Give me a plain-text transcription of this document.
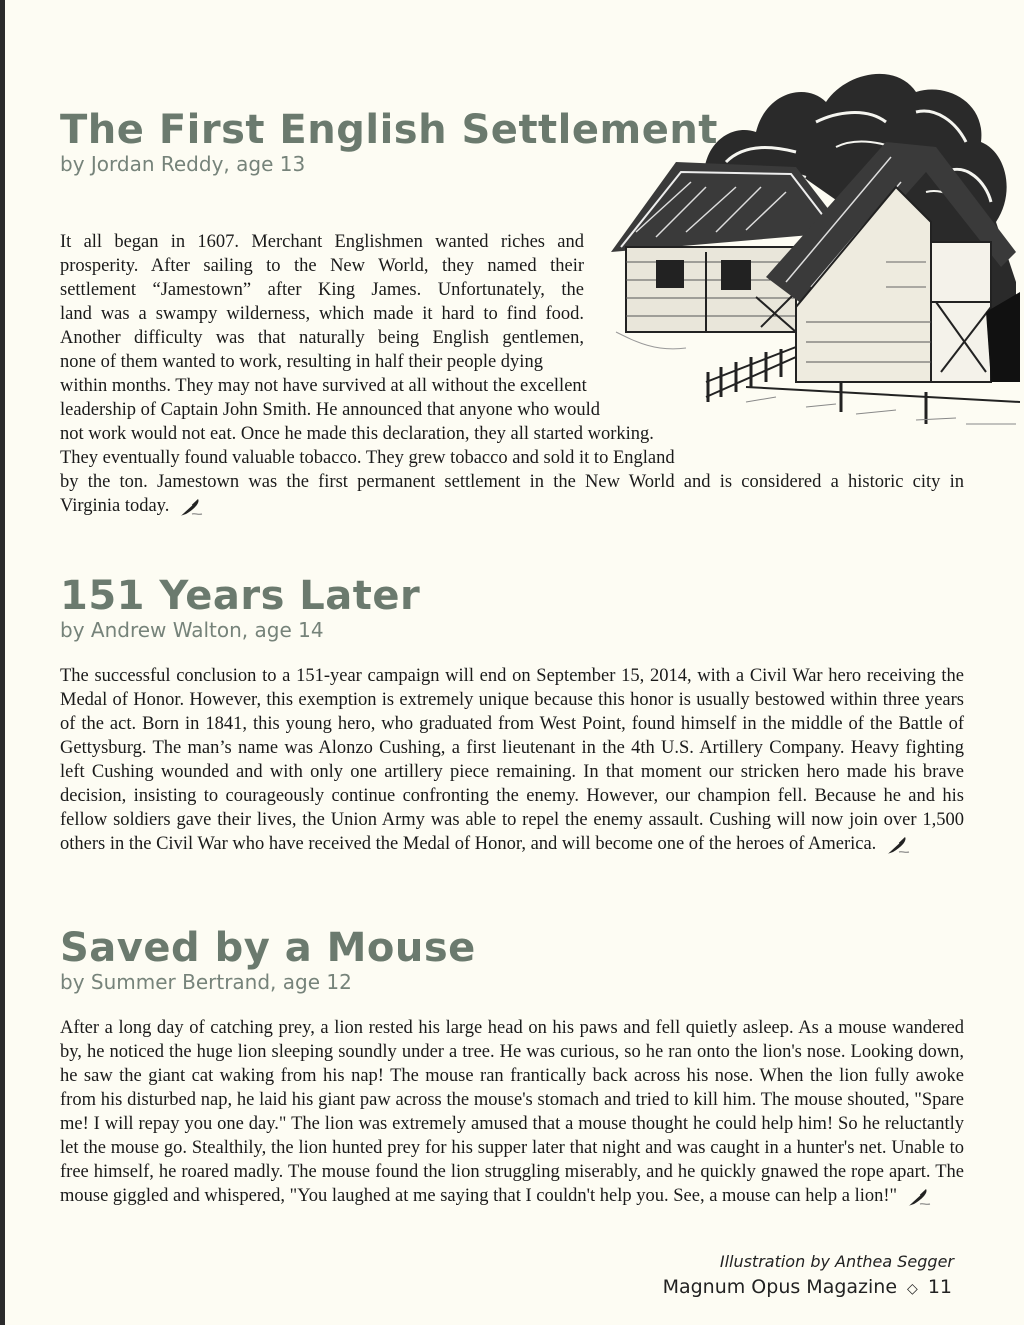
The First English Settlement

by Jordan Reddy, age 13

It all began in 1607. Merchant Englishmen wanted riches and
prosperity. After sailing to the New World, they named their
settlement “Jamestown” after King James. Unfortunately, the
land was a swampy wilderness, which made it hard to find food.
Another difficulty was that naturally being English gentlemen,
none of them wanted to work, resulting in half their people dying
within months. They may not have survived at all without the excellent
leadership of Captain John Smith. He announced that anyone who would
not work would not eat. Once he made this declaration, they all started working.
They eventually found valuable tobacco. They grew tobacco and sold it to England
by the ton. Jamestown was the first permanent settlement in the New World and is considered a historic city in
Virginia today.
151 Years Later

by Andrew Walton, age 14

The successful conclusion to a 151-year campaign will end on September 15, 2014, with a Civil War hero receiving the Medal of Honor. However, this exemption is extremely unique because this honor is usually bestowed within three years of the act. Born in 1841, this young hero, who graduated from West Point, found himself in the middle of the Battle of Gettysburg. The man’s name was Alonzo Cushing, a first lieutenant in the 4th U.S. Artillery Company. Heavy fighting left Cushing wounded and with only one artillery piece remaining. In that moment our stricken hero made his brave decision, insisting to courageously continue confronting the enemy. However, our champion fell. Because he and his fellow soldiers gave their lives, the Union Army was able to repel the enemy assault. Cushing will now join over 1,500 others in the Civil War who have received the Medal of Honor, and will become one of the heroes of America.

Saved by a Mouse

by Summer Bertrand, age 12

After a long day of catching prey, a lion rested his large head on his paws and fell quietly asleep. As a mouse wandered by, he noticed the huge lion sleeping soundly under a tree. He was curious, so he ran onto the lion's nose. Looking down, he saw the giant cat waking from his nap! The mouse ran frantically back across his nose. When the lion fully awoke from his disturbed nap, he laid his giant paw across the mouse's stomach and tried to kill him. The mouse shouted, "Spare me! I will repay you one day." The lion was extremely amused that a mouse thought he could help him! So he reluctantly let the mouse go. Stealthily, the lion hunted prey for his supper later that night and was caught in a hunter's net. Unable to free himself, he roared madly. The mouse found the lion struggling miserably, and he quickly gnawed the rope apart. The mouse giggled and whispered, "You laughed at me saying that I couldn't help you. See, a mouse can help a lion!"

Illustration by Anthea Segger
Magnum Opus Magazine ◇ 11
